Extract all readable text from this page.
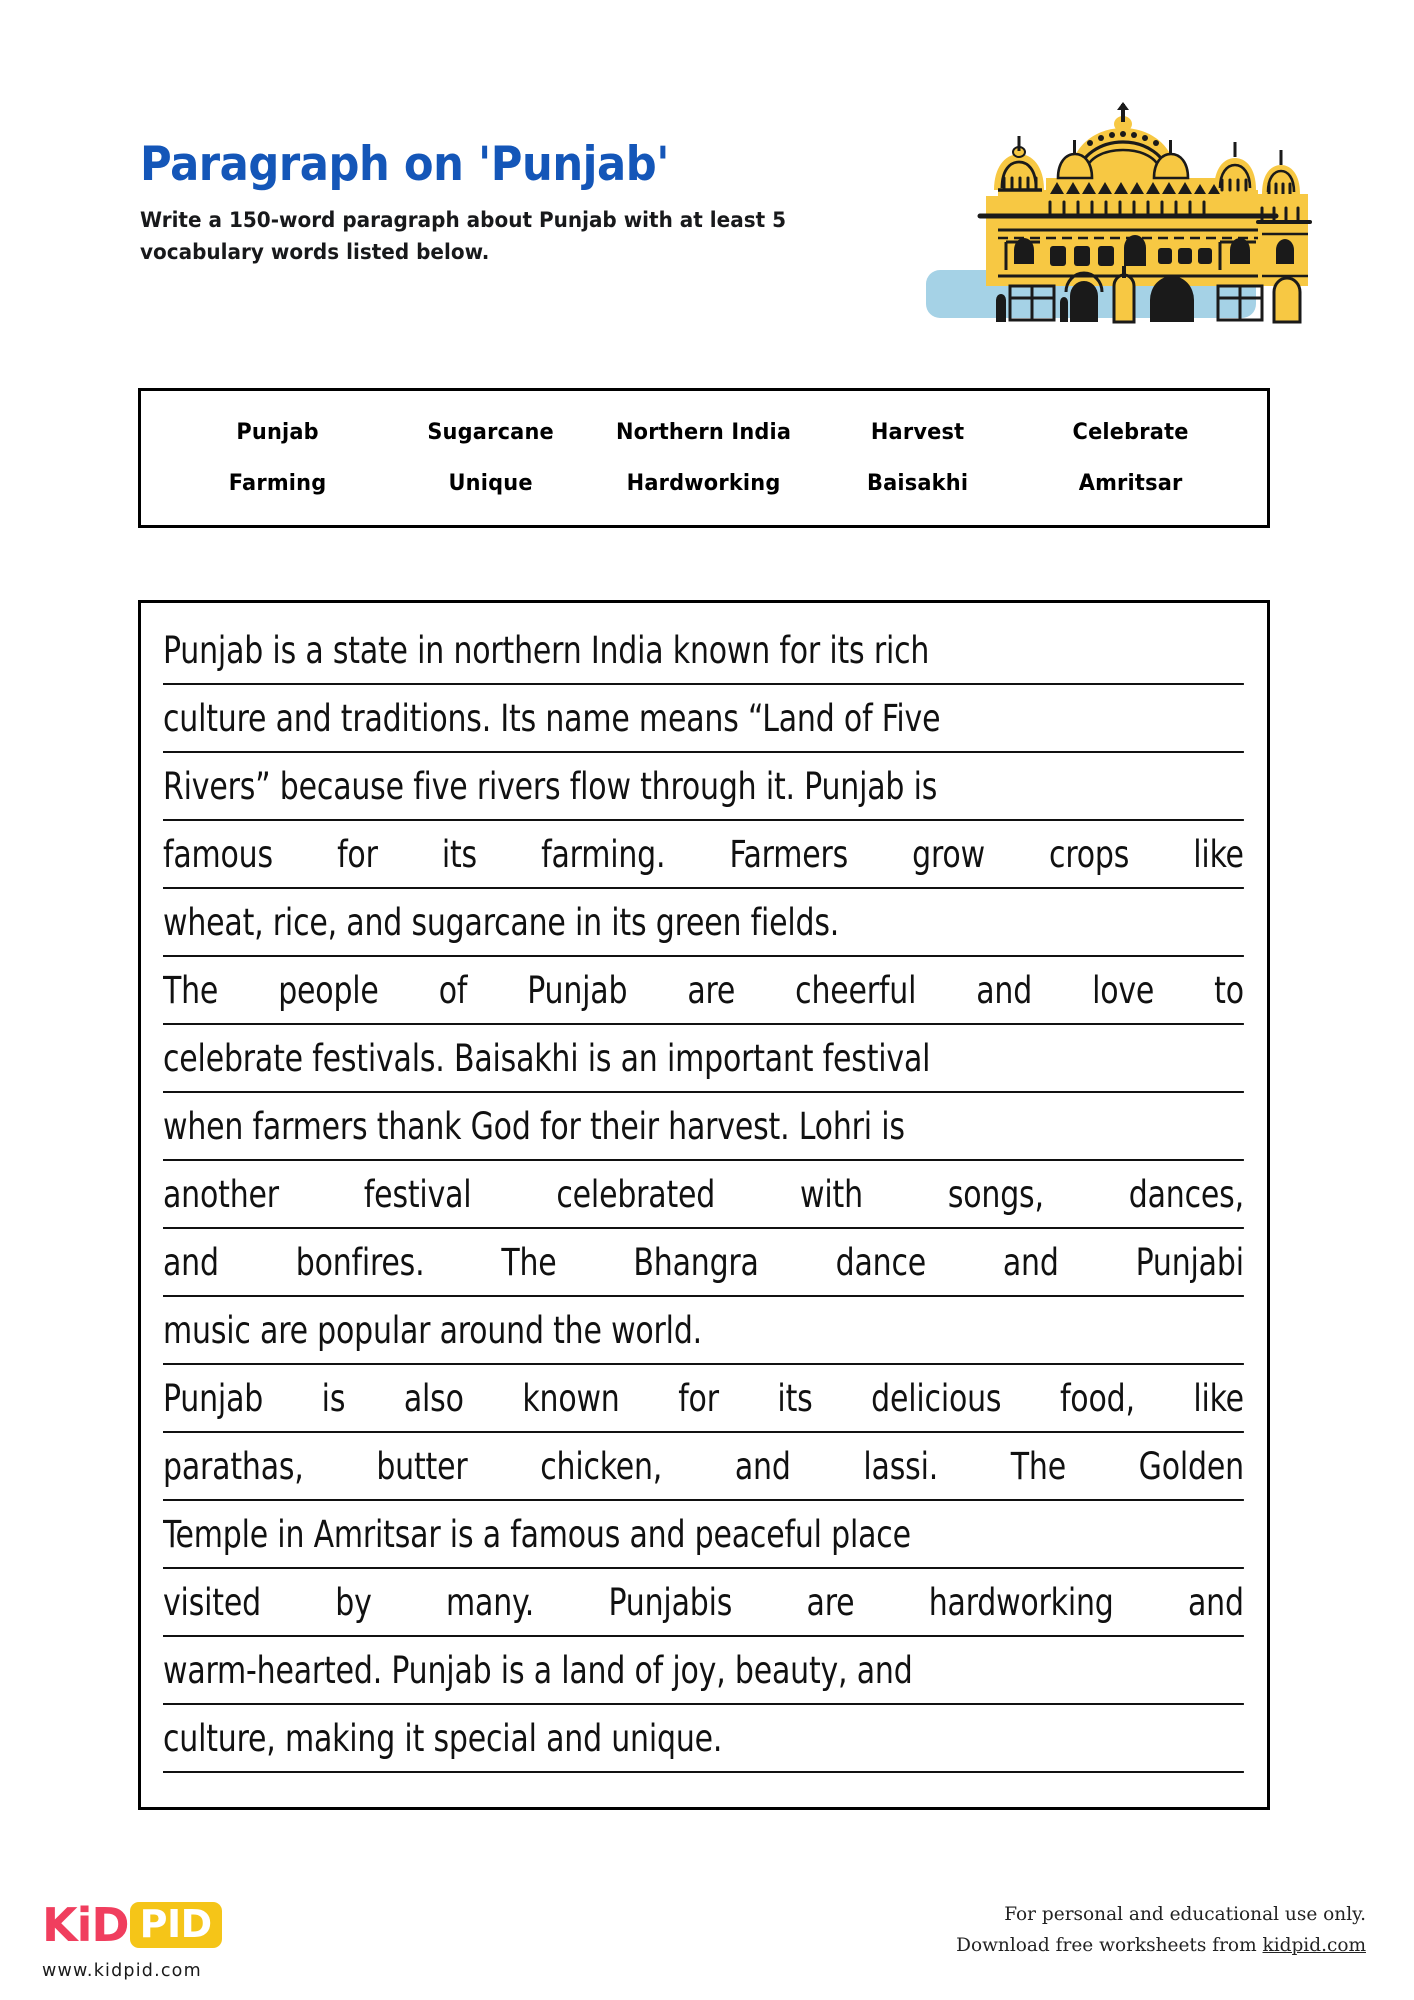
Paragraph on 'Punjab'
Write a 150-word paragraph about Punjab with at least 5 vocabulary words listed below.
Punjab	Sugarcane	Northern India	Harvest	Celebrate
Farming	Unique	Hardworking	Baisakhi	Amritsar
Punjab is a state in northern India known for its rich
culture and traditions. Its name means “Land of Five
Rivers” because five rivers flow through it. Punjab is
famous for its farming. Farmers grow crops like
wheat, rice, and sugarcane in its green fields.
The people of Punjab are cheerful and love to
celebrate festivals. Baisakhi is an important festival
when farmers thank God for their harvest. Lohri is
another festival celebrated with songs, dances,
and bonfires. The Bhangra dance and Punjabi
music are popular around the world.
Punjab is also known for its delicious food, like
parathas, butter chicken, and lassi. The Golden
Temple in Amritsar is a famous and peaceful place
visited by many. Punjabis are hardworking and
warm-hearted. Punjab is a land of joy, beauty, and
culture, making it special and unique.
KiD PID
www.kidpid.com
For personal and educational use only.
Download free worksheets from kidpid.com
